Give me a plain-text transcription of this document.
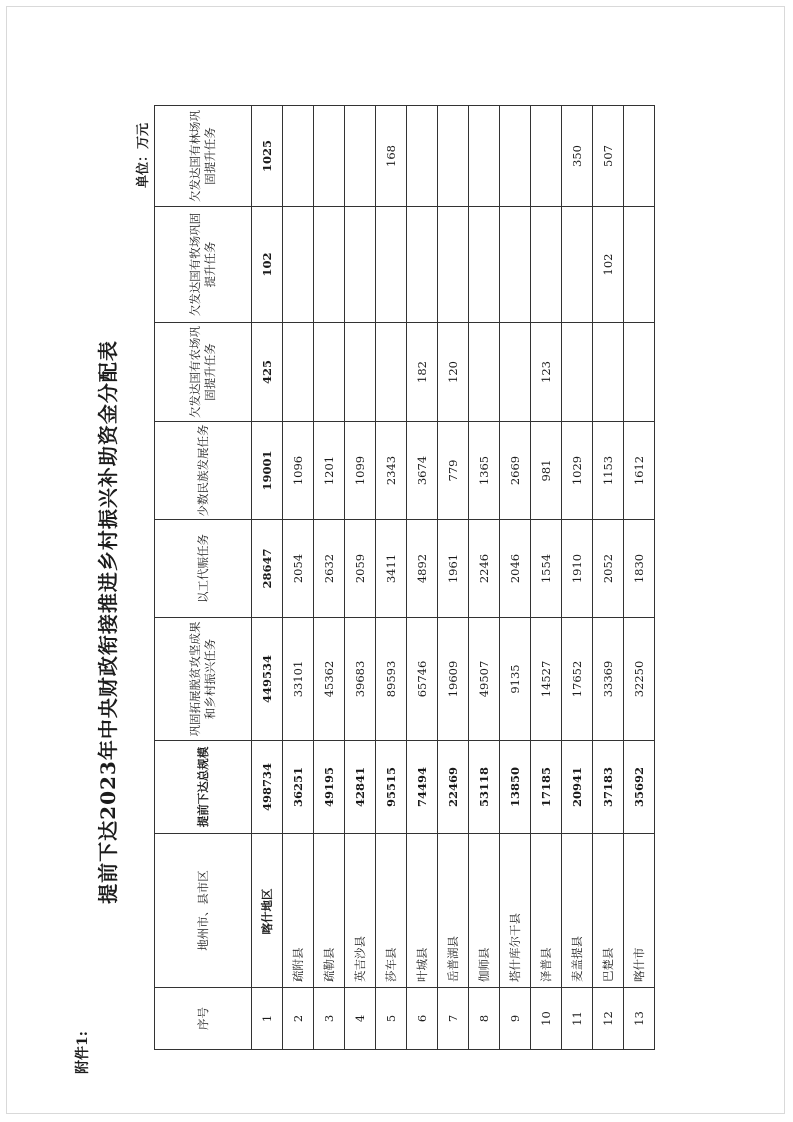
附件1:
提前下达2023年中央财政衔接推进乡村振兴补助资金分配表
单位：万元
序号	地州市、县市区	提前下达总规模	巩固拓展脱贫攻坚成果和乡村振兴任务	以工代赈任务	少数民族发展任务	欠发达国有农场巩固提升任务	欠发达国有牧场巩固提升任务	欠发达国有林场巩固提升任务
1	喀什地区	498734	449534	28647	19001	425	102	1025
2	疏附县	36251	33101	2054	1096			
3	疏勒县	49195	45362	2632	1201			
4	英吉沙县	42841	39683	2059	1099			
5	莎车县	95515	89593	3411	2343			168
6	叶城县	74494	65746	4892	3674	182		
7	岳普湖县	22469	19609	1961	779	120		
8	伽师县	53118	49507	2246	1365			
9	塔什库尔干县	13850	9135	2046	2669			
10	泽普县	17185	14527	1554	981	123		
11	麦盖提县	20941	17652	1910	1029			350
12	巴楚县	37183	33369	2052	1153		102	507
13	喀什市	35692	32250	1830	1612			
